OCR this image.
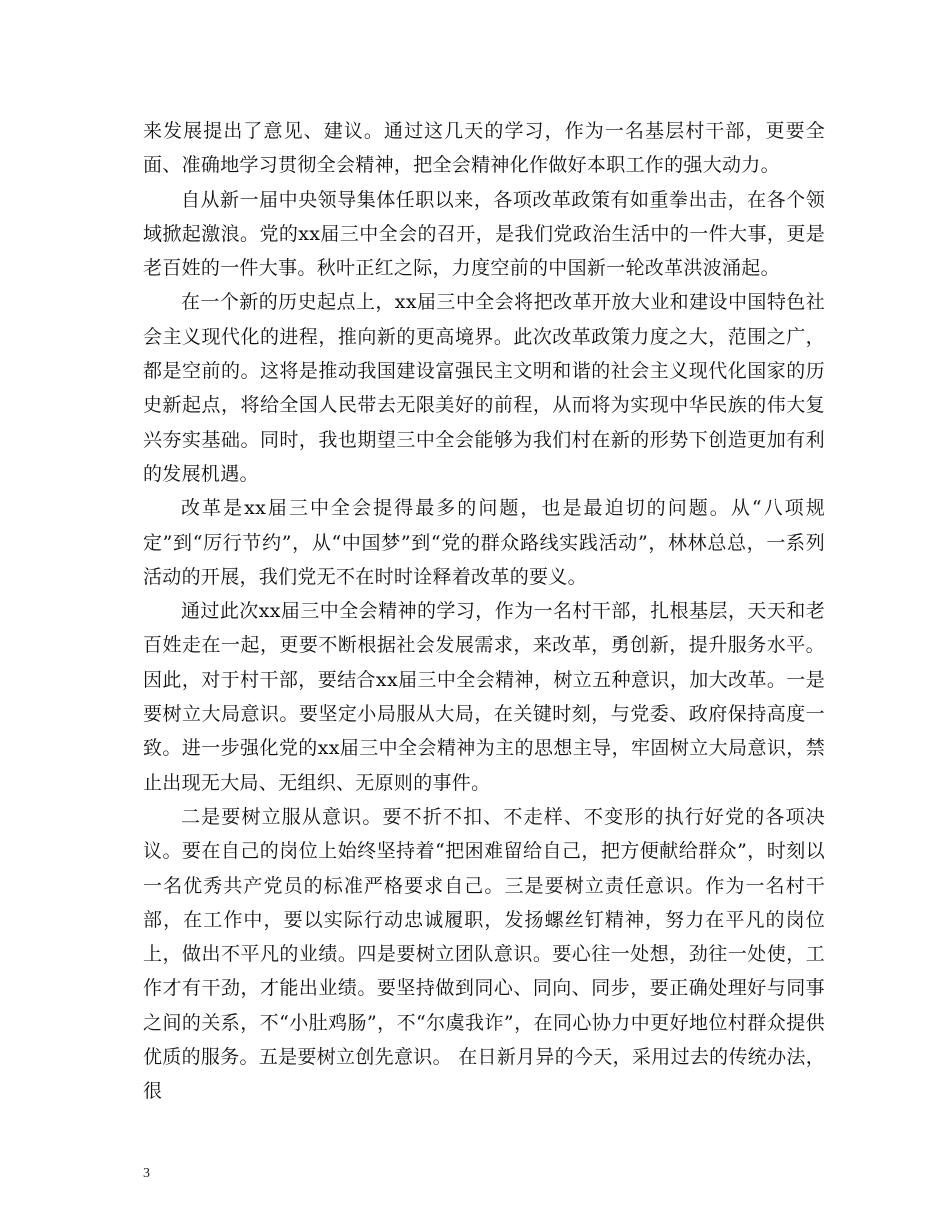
来发展提出了意见、建议。通过这几天的学习，作为一名基层村干部，更要全面、准确地学习贯彻全会精神，把全会精神化作做好本职工作的强大动力。

自从新一届中央领导集体任职以来，各项改革政策有如重拳出击，在各个领域掀起激浪。党的xx届三中全会的召开，是我们党政治生活中的一件大事，更是老百姓的一件大事。秋叶正红之际，力度空前的中国新一轮改革洪波涌起。

在一个新的历史起点上，xx届三中全会将把改革开放大业和建设中国特色社会主义现代化的进程，推向新的更高境界。此次改革政策力度之大，范围之广，都是空前的。这将是推动我国建设富强民主文明和谐的社会主义现代化国家的历史新起点，将给全国人民带去无限美好的前程，从而将为实现中华民族的伟大复兴夯实基础。同时，我也期望三中全会能够为我们村在新的形势下创造更加有利的发展机遇。

改革是xx届三中全会提得最多的问题，也是最迫切的问题。从“八项规定”到“厉行节约”，从“中国梦”到“党的群众路线实践活动”，林林总总，一系列活动的开展，我们党无不在时时诠释着改革的要义。

通过此次xx届三中全会精神的学习，作为一名村干部，扎根基层，天天和老百姓走在一起，更要不断根据社会发展需求，来改革，勇创新，提升服务水平。因此，对于村干部，要结合xx届三中全会精神，树立五种意识，加大改革。一是要树立大局意识。要坚定小局服从大局，在关键时刻，与党委、政府保持高度一致。进一步强化党的xx届三中全会精神为主的思想主导，牢固树立大局意识，禁止出现无大局、无组织、无原则的事件。

二是要树立服从意识。要不折不扣、不走样、不变形的执行好党的各项决议。要在自己的岗位上始终坚持着“把困难留给自己，把方便献给群众”，时刻以一名优秀共产党员的标准严格要求自己。三是要树立责任意识。作为一名村干部，在工作中，要以实际行动忠诚履职，发扬螺丝钉精神，努力在平凡的岗位上，做出不平凡的业绩。四是要树立团队意识。要心往一处想，劲往一处使，工作才有干劲，才能出业绩。要坚持做到同心、同向、同步，要正确处理好与同事之间的关系，不“小肚鸡肠”，不“尔虞我诈”，在同心协力中更好地位村群众提供优质的服务。五是要树立创先意识。 在日新月异的今天，采用过去的传统办法，很

3
